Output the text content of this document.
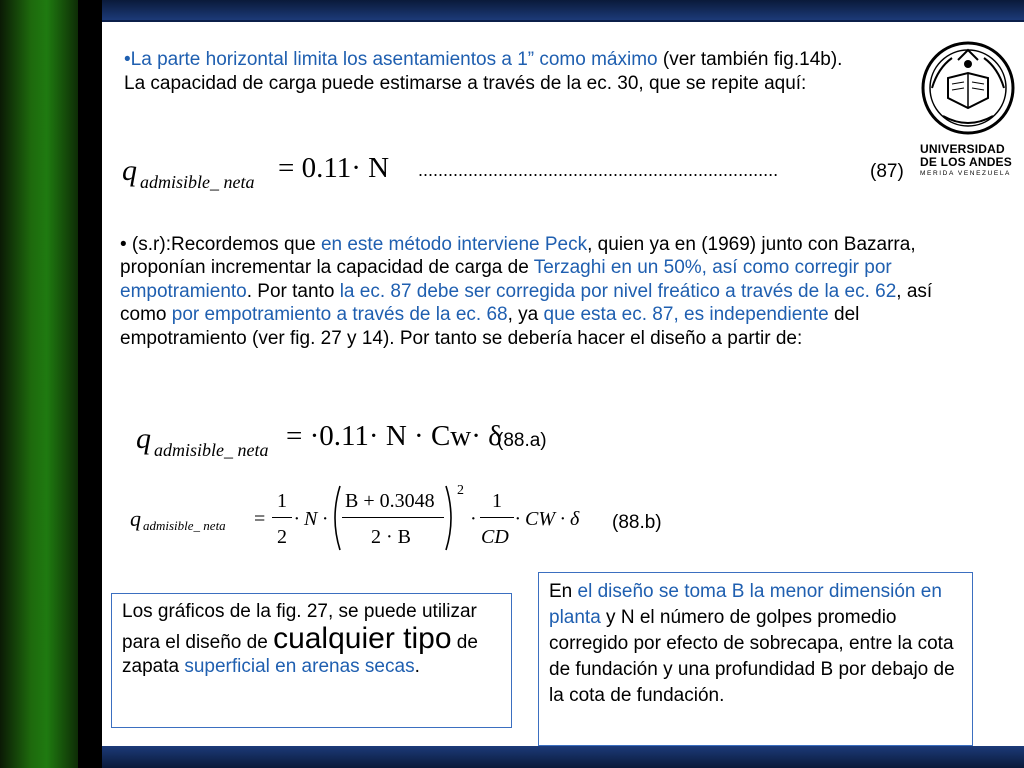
UNIVERSIDAD
DE LOS ANDES
MERIDA VENEZUELA
•La parte horizontal limita los asentamientos a 1” como máximo (ver también fig.14b). La capacidad de carga puede estimarse a través de la ec. 30, que se repite aquí:
q admisible_ neta = 0.11· N ........................................................................	(87)
• (s.r):Recordemos que en este método interviene Peck, quien ya en (1969) junto con Bazarra, proponían incrementar la capacidad de carga de Terzaghi en un 50%, así como corregir por empotramiento. Por tanto la ec. 87 debe ser corregida por nivel freático a través de la ec. 62, así como por empotramiento a través de la ec. 68, ya que esta ec. 87, es independiente del empotramiento (ver fig. 27 y 14). Por tanto se debería hacer el diseño a partir de:
q admisible_ neta = ·0.11· N · Cw· δ
(88.a)
q admisible_ neta =
1
2
· N ·
B + 0.3048
2 · B
2
·
1
CD
· CW · δ (88.b)
Los gráficos de la fig. 27, se puede utilizar para el diseño de cualquier tipo de zapata superficial en arenas secas.
En el diseño se toma B la menor dimensión en planta y N el número de golpes promedio corregido por efecto de sobrecapa, entre la cota de fundación y una profundidad B por debajo de la cota de fundación.
